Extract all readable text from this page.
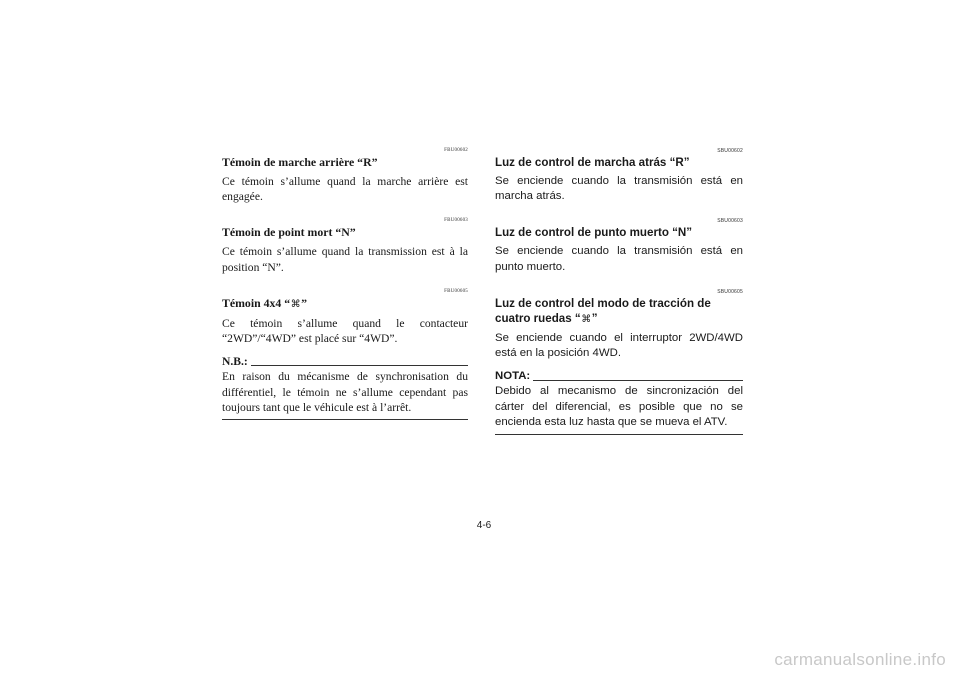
FBU00602
Témoin de marche arrière “R”

Ce témoin s’allume quand la marche arrière est engagée.

FBU00603
Témoin de point mort “N”

Ce témoin s’allume quand la transmission est à la position “N”.

FBU00605
Témoin 4x4 “⌘”

Ce témoin s’allume quand le contacteur “2WD”/“4WD” est placé sur “4WD”.

N.B.:

En raison du mécanisme de synchronisation du différentiel, le témoin ne s’allume cependant pas toujours tant que le véhicule est à l’arrêt.

SBU00602
Luz de control de marcha atrás “R”

Se enciende cuando la transmisión está en marcha atrás.

SBU00603
Luz de control de punto muerto “N”

Se enciende cuando la transmisión está en punto muerto.

SBU00605
Luz de control del modo de tracción de cuatro ruedas “⌘”

Se enciende cuando el interruptor 2WD/4WD está en la posición 4WD.

NOTA:

Debido al mecanismo de sincronización del cárter del diferencial, es posible que no se encienda esta luz hasta que se mueva el ATV.

4-6
carmanualsonline.info
